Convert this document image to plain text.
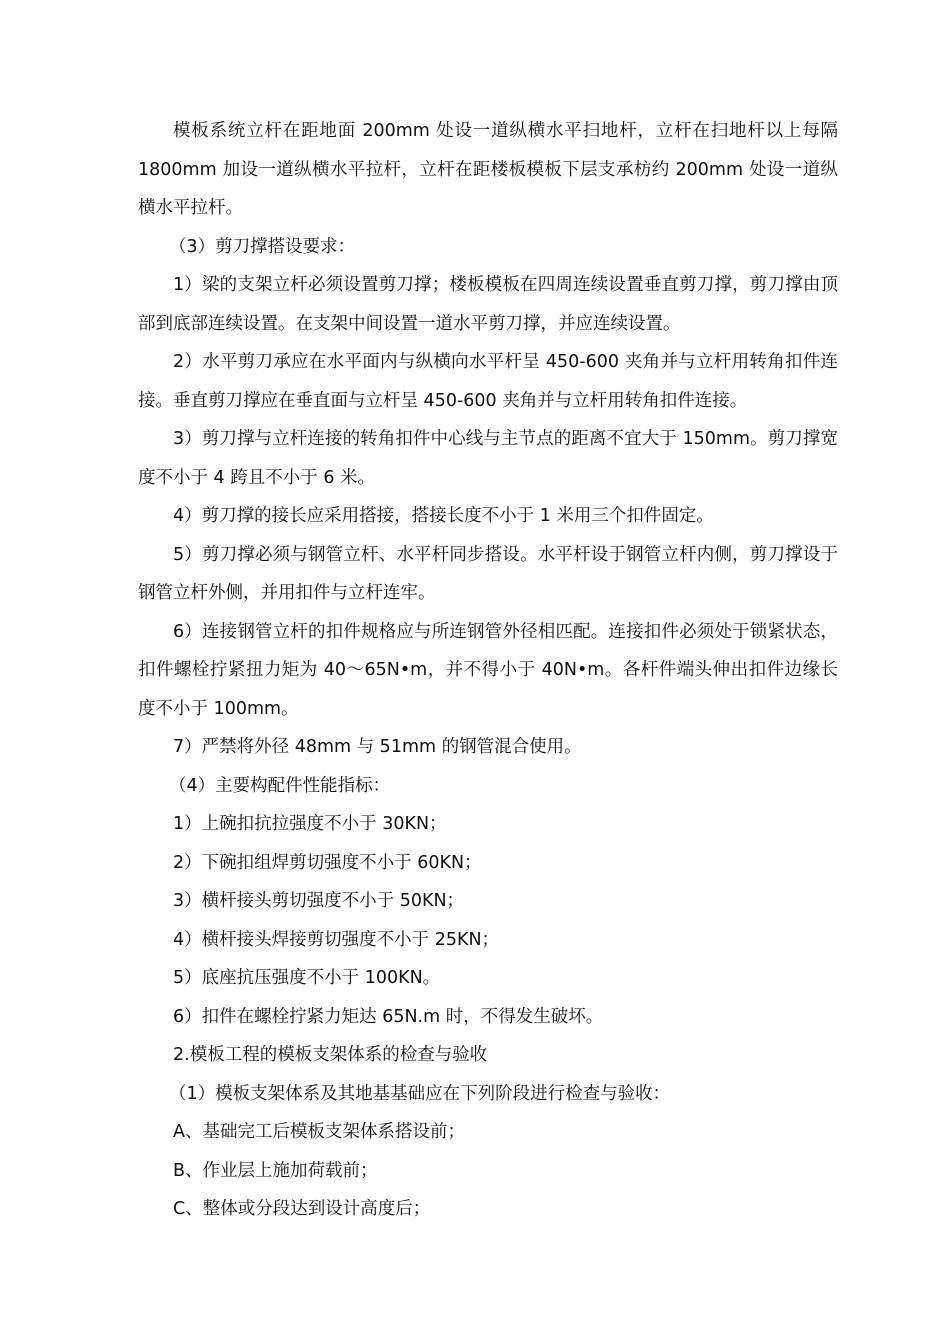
模板系统立杆在距地面 200mm 处设一道纵横水平扫地杆，立杆在扫地杆以上每隔 1800mm 加设一道纵横水平拉杆，立杆在距楼板模板下层支承枋约 200mm 处设一道纵横水平拉杆。

（3）剪刀撑搭设要求：

1）梁的支架立杆必须设置剪刀撑；楼板模板在四周连续设置垂直剪刀撑，剪刀撑由顶部到底部连续设置。在支架中间设置一道水平剪刀撑，并应连续设置。

2）水平剪刀承应在水平面内与纵横向水平杆呈 450-600 夹角并与立杆用转角扣件连接。垂直剪刀撑应在垂直面与立杆呈 450-600 夹角并与立杆用转角扣件连接。

3）剪刀撑与立杆连接的转角扣件中心线与主节点的距离不宜大于 150mm。剪刀撑宽度不小于 4 跨且不小于 6 米。

4）剪刀撑的接长应采用搭接，搭接长度不小于 1 米用三个扣件固定。

5）剪刀撑必须与钢管立杆、水平杆同步搭设。水平杆设于钢管立杆内侧，剪刀撑设于钢管立杆外侧，并用扣件与立杆连牢。

6）连接钢管立杆的扣件规格应与所连钢管外径相匹配。连接扣件必须处于锁紧状态，扣件螺栓拧紧扭力矩为 40～65N•m，并不得小于 40N•m。各杆件端头伸出扣件边缘长度不小于 100mm。

7）严禁将外径 48mm 与 51mm 的钢管混合使用。

（4）主要构配件性能指标：

1）上碗扣抗拉强度不小于 30KN；

2）下碗扣组焊剪切强度不小于 60KN；

3）横杆接头剪切强度不小于 50KN；

4）横杆接头焊接剪切强度不小于 25KN；

5）底座抗压强度不小于 100KN。

6）扣件在螺栓拧紧力矩达 65N.m 时，不得发生破坏。

2.模板工程的模板支架体系的检查与验收

（1）模板支架体系及其地基基础应在下列阶段进行检查与验收：

A、基础完工后模板支架体系搭设前；

B、作业层上施加荷载前；

C、整体或分段达到设计高度后；
